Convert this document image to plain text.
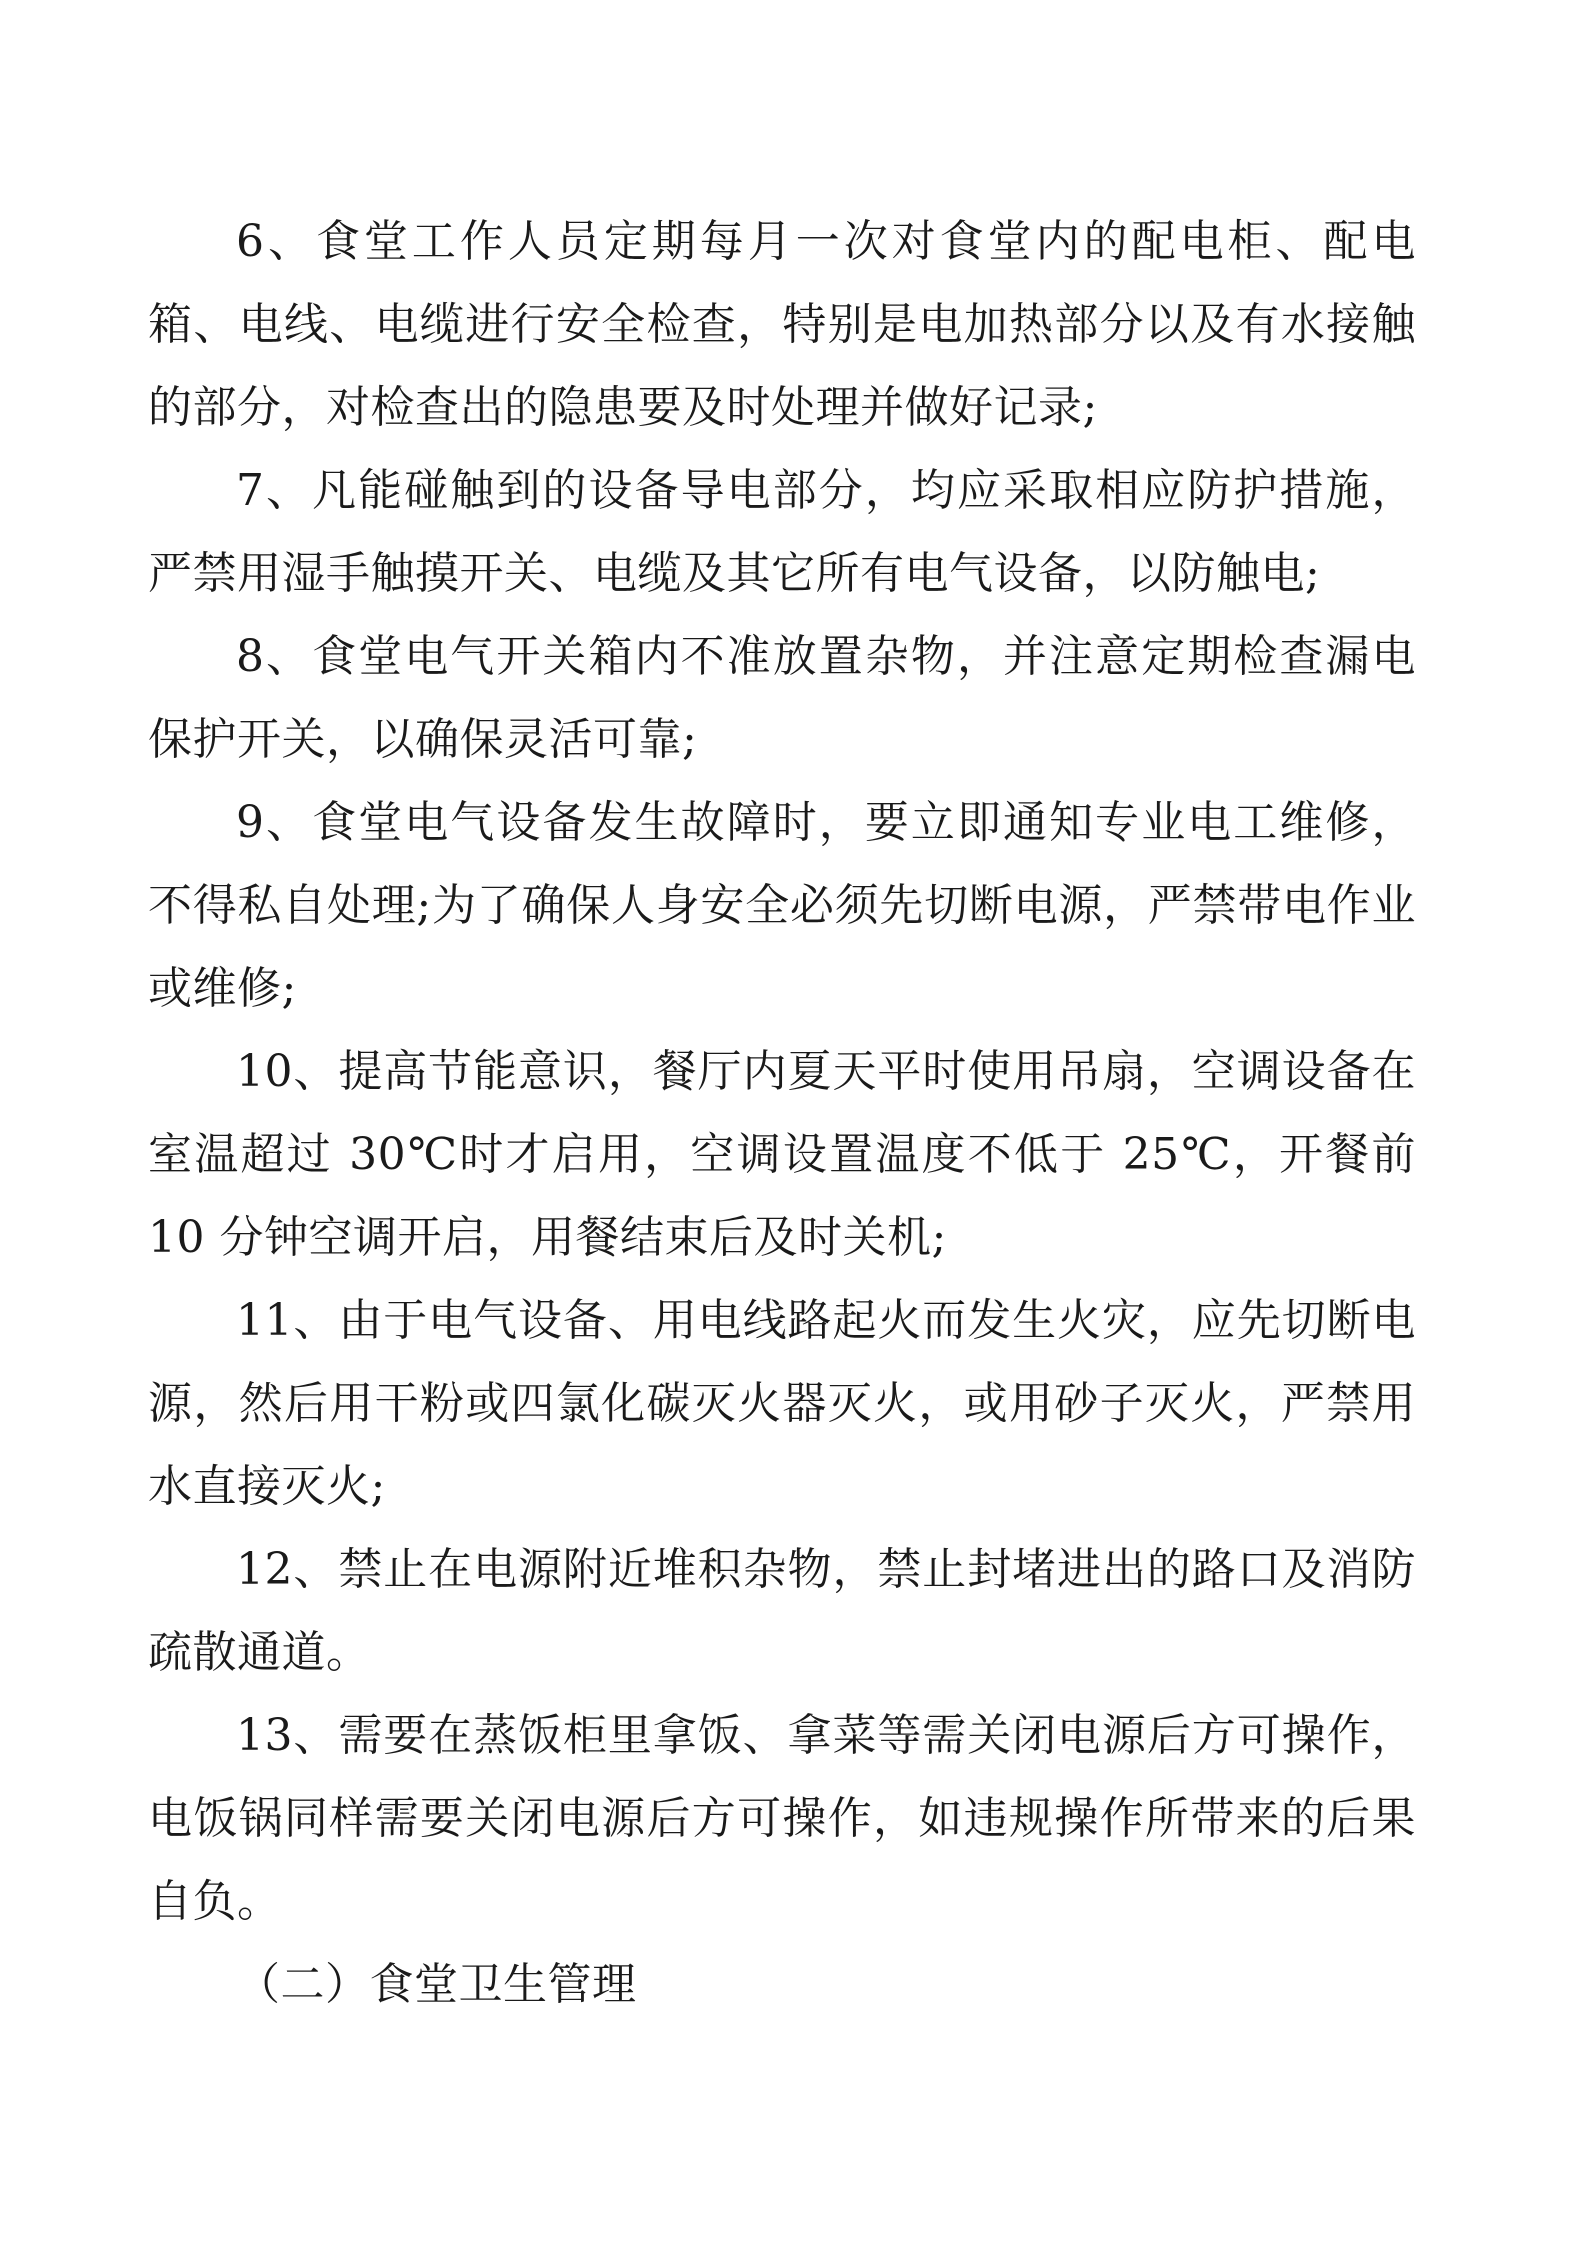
6、食堂工作人员定期每月一次对食堂内的配电柜、配电箱、电线、电缆进行安全检查，特别是电加热部分以及有水接触的部分，对检查出的隐患要及时处理并做好记录;

7、凡能碰触到的设备导电部分，均应采取相应防护措施，严禁用湿手触摸开关、电缆及其它所有电气设备，以防触电;

8、食堂电气开关箱内不准放置杂物，并注意定期检查漏电保护开关，以确保灵活可靠;

9、食堂电气设备发生故障时，要立即通知专业电工维修，不得私自处理;为了确保人身安全必须先切断电源，严禁带电作业或维修;

10、提高节能意识，餐厅内夏天平时使用吊扇，空调设备在室温超过 30℃时才启用，空调设置温度不低于 25℃，开餐前 10 分钟空调开启，用餐结束后及时关机;

11、由于电气设备、用电线路起火而发生火灾，应先切断电源，然后用干粉或四氯化碳灭火器灭火，或用砂子灭火，严禁用水直接灭火;

12、禁止在电源附近堆积杂物，禁止封堵进出的路口及消防疏散通道。

13、需要在蒸饭柜里拿饭、拿菜等需关闭电源后方可操作，电饭锅同样需要关闭电源后方可操作，如违规操作所带来的后果自负。

（二）食堂卫生管理
